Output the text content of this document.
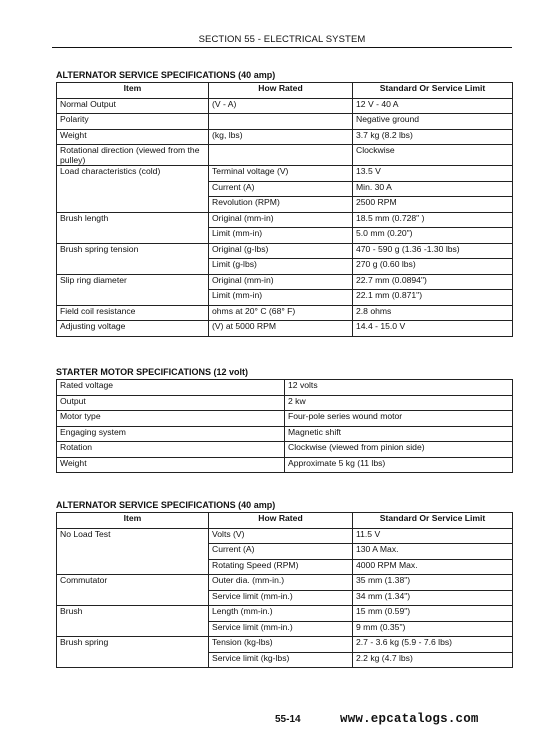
SECTION 55 - ELECTRICAL SYSTEM
ALTERNATOR SERVICE SPECIFICATIONS (40 amp)
Item	How Rated	Standard Or Service Limit
Normal Output	(V - A)	12 V - 40 A
Polarity		Negative ground
Weight	(kg, lbs)	3.7 kg (8.2 lbs)
Rotational direction (viewed from the pulley)		Clockwise
Load characteristics (cold)	Terminal voltage (V)	13.5 V
	Current (A)	Min. 30 A
	Revolution (RPM)	2500 RPM
Brush length	Original (mm-in)	18.5 mm (0.728" )
	Limit (mm-in)	5.0 mm (0.20")
Brush spring tension	Original (g-lbs)	470 - 590 g (1.36 -1.30 lbs)
	Limit (g-lbs)	270 g (0.60 lbs)
Slip ring diameter	Original (mm-in)	22.7 mm (0.0894")
	Limit (mm-in)	22.1 mm (0.871")
Field coil resistance	ohms at 20° C (68° F)	2.8 ohms
Adjusting voltage	(V) at 5000 RPM	14.4 - 15.0 V
STARTER MOTOR SPECIFICATIONS (12 volt)
Rated voltage	12 volts
Output	2 kw
Motor type	Four-pole series wound motor
Engaging system	Magnetic shift
Rotation	Clockwise (viewed from pinion side)
Weight	Approximate 5 kg (11 lbs)
ALTERNATOR SERVICE SPECIFICATIONS (40 amp)
Item	How Rated	Standard Or Service Limit
No Load Test	Volts (V)	11.5 V
	Current (A)	130 A Max.
	Rotating Speed (RPM)	4000 RPM Max.
Commutator	Outer dia. (mm-in.)	35 mm (1.38")
	Service limit (mm-in.)	34 mm (1.34")
Brush	Length (mm-in.)	15 mm (0.59")
	Service limit (mm-in.)	9 mm (0.35")
Brush spring	Tension (kg-lbs)	2.7 - 3.6 kg (5.9 - 7.6 lbs)
	Service limit (kg-lbs)	2.2 kg (4.7 lbs)
55-14	www.epcatalogs.com
